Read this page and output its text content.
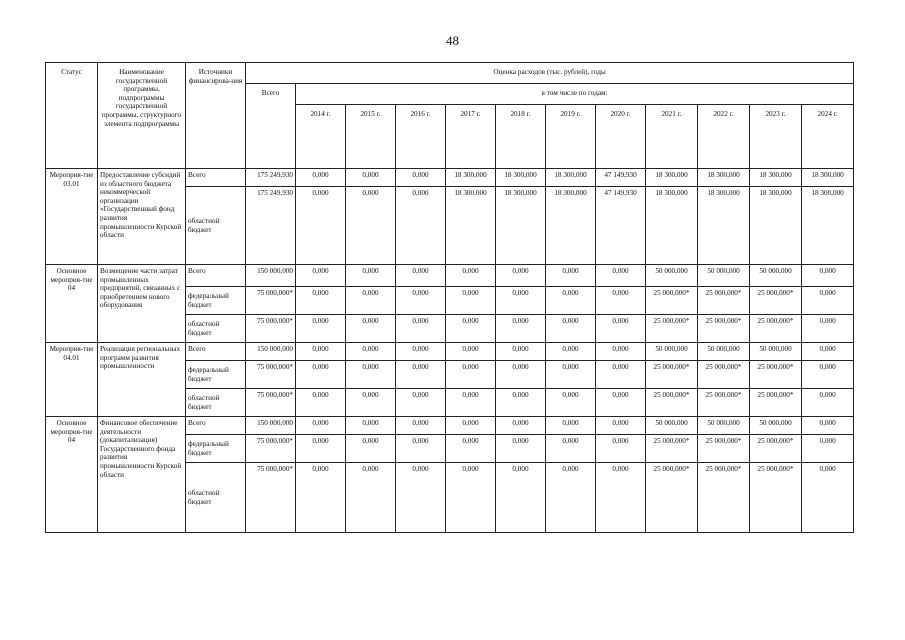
48
Статус	Наименование государственной программы, подпрограммы государственной программы, структурного элемента подпрограммы	Источники финансирова-ния	Оценка расходов (тыс. рублей), годы											
			Всего	в том числе по годам:										
				2014 г.	2015 г.	2016 г.	2017 г.	2018 г.	2019 г.	2020 г.	2021 г.	2022 г.	2023 г.	2024 г.
Мероприя-тие 03.01	Предоставление субсидий из областного бюджета некоммерческой организации «Государственный фонд развития промышленности Курской области	Всего	175 249,930	0,000	0,000	0,000	18 300,000	18 300,000	18 300,000	47 149,930	18 300,000	18 300,000	18 300,000	18 300,000
		областной бюджет	175 249,930	0,000	0,000	0,000	18 300,000	18 300,000	18 300,000	47 149,930	18 300,000	18 300,000	18 300,000	18 300,000
Основное мероприя-тие 04	Возмещение части затрат промышленных предприятий, связанных с приобретением нового оборудования	Всего	150 000,000	0,000	0,000	0,000	0,000	0,000	0,000	0,000	50 000,000	50 000,000	50 000,000	0,000
		федеральный бюджет	75 000,000*	0,000	0,000	0,000	0,000	0,000	0,000	0,000	25 000,000*	25 000,000*	25 000,000*	0,000
		областной бюджет	75 000,000*	0,000	0,000	0,000	0,000	0,000	0,000	0,000	25 000,000*	25 000,000*	25 000,000*	0,000
Мероприя-тие 04.01	Реализация региональных программ развития промышленности	Всего	150 000,000	0,000	0,000	0,000	0,000	0,000	0,000	0,000	50 000,000	50 000,000	50 000,000	0,000
		федеральный бюджет	75 000,000*	0,000	0,000	0,000	0,000	0,000	0,000	0,000	25 000,000*	25 000,000*	25 000,000*	0,000
		областной бюджет	75 000,000*	0,000	0,000	0,000	0,000	0,000	0,000	0,000	25 000,000*	25 000,000*	25 000,000*	0,000
Основное мероприя-тие 04	Финансовое обеспечение деятельности (докапитализация) Государственного фонда развития промышленности Курской области	Всего	150 000,000	0,000	0,000	0,000	0,000	0,000	0,000	0,000	50 000,000	50 000,000	50 000,000	0,000
		федеральный бюджет	75 000,000*	0,000	0,000	0,000	0,000	0,000	0,000	0,000	25 000,000*	25 000,000*	25 000,000*	0,000
		областной бюджет	75 000,000*	0,000	0,000	0,000	0,000	0,000	0,000	0,000	25 000,000*	25 000,000*	25 000,000*	0,000
